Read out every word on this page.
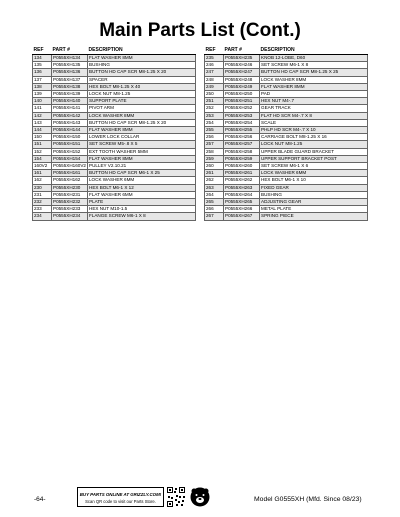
Main Parts List (Cont.)
REF	PART #	DESCRIPTION
134	P0555XH134	FLAT WASHER 8MM
135	P0555XH135	BUSHING
136	P0555XH136	BUTTON HD CAP SCR M8-1.25 X 20
137	P0555XH137	SPACER
138	P0555XH138	HEX BOLT M8-1.25 X 40
139	P0555XH139	LOCK NUT M8-1.25
140	P0555XH140	SUPPORT PLATE
141	P0555XH141	PIVOT ARM
142	P0555XH142	LOCK WASHER 8MM
143	P0555XH143	BUTTON HD CAP SCR M8-1.25 X 20
144	P0555XH144	FLAT WASHER 8MM
150	P0555XH150	LOWER LOCK COLLAR
151	P0555XH151	SET SCREW M5-.8 X 5
152	P0555XH152	EXT TOOTH WASHER 5MM
154	P0555XH154	FLAT WASHER 8MM
160V2	P0555XH160V2	PULLEY V2.10.21
161	P0555XH161	BUTTON HD CAP SCR M6-1 X 25
162	P0555XH162	LOCK WASHER 6MM
230	P0555XH230	HEX BOLT M6-1 X 12
231	P0555XH231	FLAT WASHER 6MM
232	P0555XH232	PLATE
233	P0555XH233	HEX NUT M10-1.5
234	P0555XH234	FLANGE SCREW M6-1 X 8
REF	PART #	DESCRIPTION
235	P0555XH235	KNOB 12-LOBE, D60
246	P0555XH246	SET SCREW M6-1 X 8
247	P0555XH247	BUTTON HD CAP SCR M8-1.25 X 25
248	P0555XH248	LOCK WASHER 8MM
249	P0555XH249	FLAT WASHER 8MM
250	P0555XH250	PAD
251	P0555XH251	HEX NUT M4-.7
252	P0555XH252	GEAR TRACK
253	P0555XH253	FLAT HD SCR M4-.7 X 8
254	P0555XH254	SCALE
255	P0555XH255	PHLP HD SCR M4-.7 X 10
256	P0555XH256	CARRIAGE BOLT M8-1.25 X 16
257	P0555XH257	LOCK NUT M8-1.25
258	P0555XH258	UPPER BLADE GUARD BRACKET
259	P0555XH259	UPPER SUPPORT BRACKET POST
260	P0555XH260	SET SCREW M6-1 X 6
261	P0555XH261	LOCK WASHER 6MM
262	P0555XH262	HEX BOLT M6-1 X 10
263	P0555XH263	FIXED GEAR
264	P0555XH264	BUSHING
265	P0555XH265	ADJUSTING GEAR
266	P0555XH266	METAL PLATE
267	P0555XH267	SPRING PIECE
-64-
BUY PARTS ONLINE AT GRIZZLY.COM!
Scan QR code to visit our Parts Store.	Model G0555XH (Mfd. Since 08/23)
